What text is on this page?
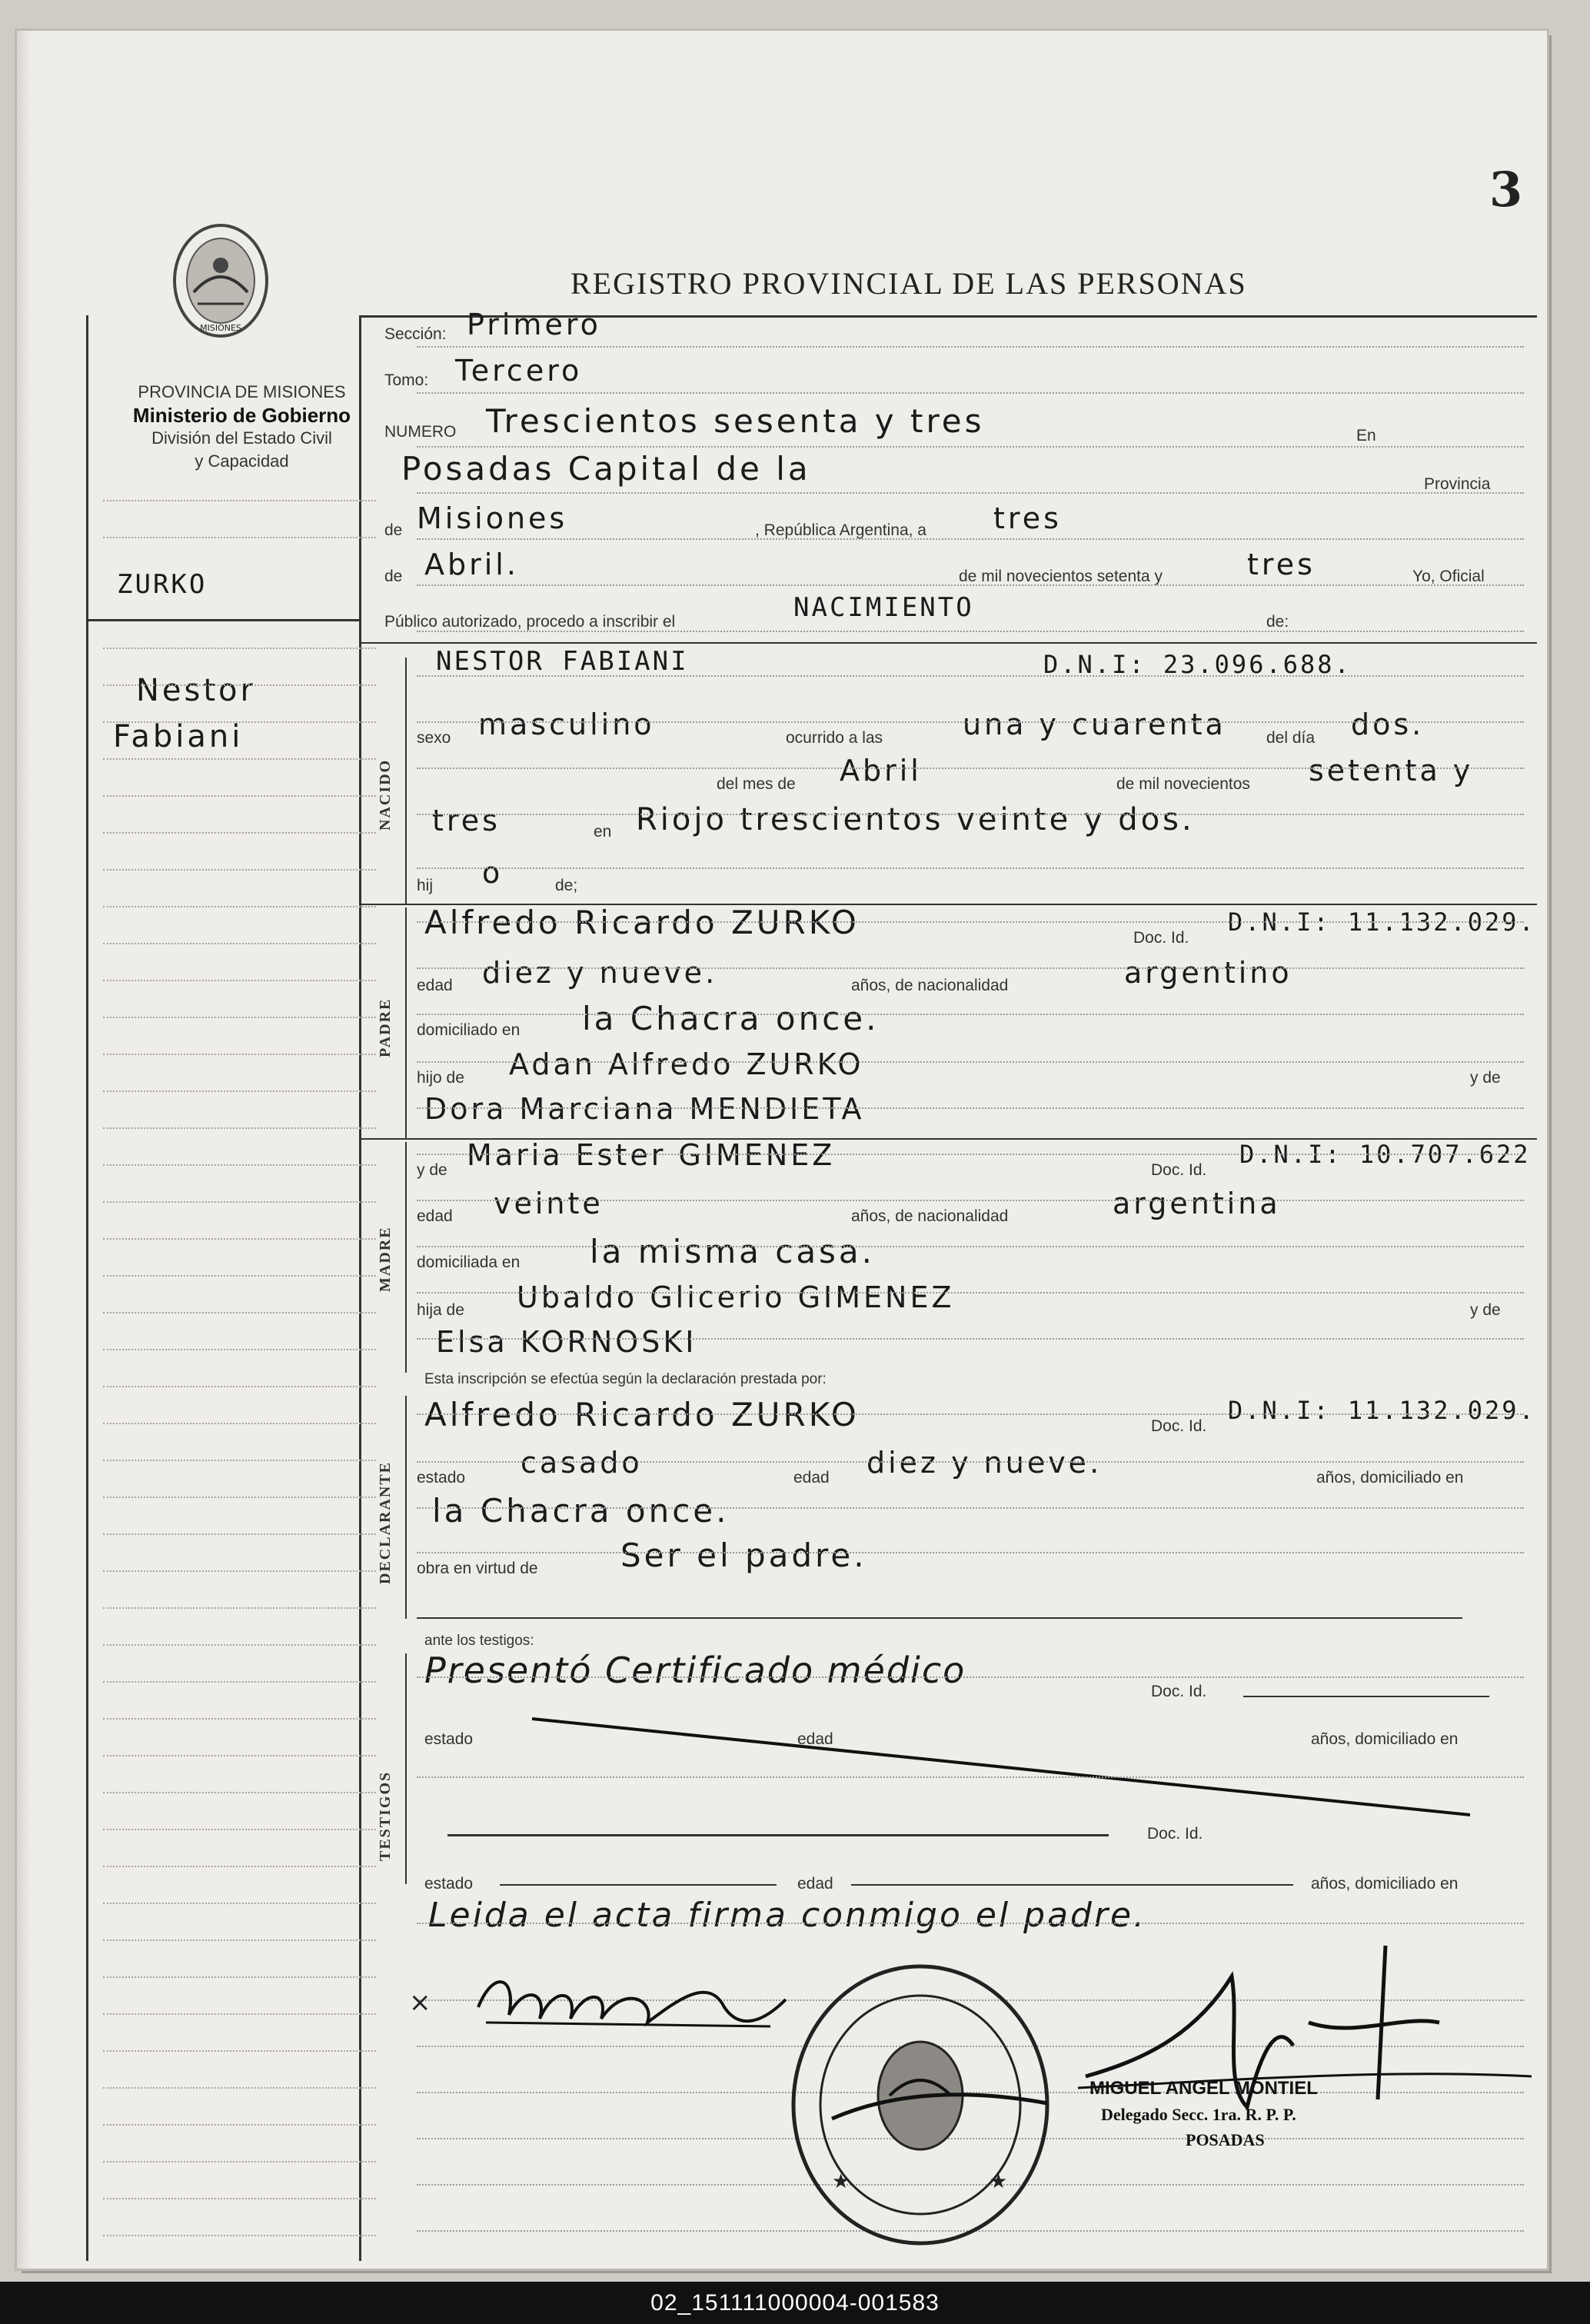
3
REGISTRO PROVINCIAL DE LAS PERSONAS
MISIONES
PROVINCIA DE MISIONES
Ministerio de Gobierno
División del Estado Civil
y Capacidad
ZURKO
Nestor
Fabiani
Sección: Primero
Tomo: Tercero
NUMERO Trescientos sesenta y tres	En
Posadas Capital de la	Provincia
de Misiones	, República Argentina, a tres
de Abril.	de mil novecientos setenta y	tres	Yo, Oficial
Público autorizado, procedo a inscribir el	NACIMIENTO	de:
NACIDO
NESTOR FABIANI	D.N.I: 23.096.688.
sexo masculino	ocurrido a las	una y cuarenta del día dos.
del mes de Abril	de mil novecientos setenta y
tres	en Riojo trescientos veinte y dos.
hij o	de;
PADRE
Alfredo Ricardo ZURKO	Doc. Id.
D.N.I: 11.132.029.
edad diez y nueve.	años, de nacionalidad	argentino
domiciliado en la Chacra once.
hijo de Adan Alfredo ZURKO	y de
Dora Marciana MENDIETA
MADRE
y de Maria Ester GIMENEZ	Doc. Id.
D.N.I: 10.707.622
edad veinte	años, de nacionalidad	argentina
domiciliada en la misma casa.
hija de Ubaldo Glicerio GIMENEZ	y de
Elsa KORNOSKI
Esta inscripción se efectúa según la declaración prestada por:
DECLARANTE
Alfredo Ricardo ZURKO	Doc. Id.
D.N.I: 11.132.029.
estado casado	edad diez y nueve.	años, domiciliado en
la Chacra once.
obra en virtud de	Ser el padre.
ante los testigos:
TESTIGOS
Presentó Certificado médico
Doc. Id.
estado	edad	años, domiciliado en
Doc. Id.
estado	edad	años, domiciliado en
Leida el acta firma conmigo el padre.
×
★	★
MIGUEL ANGEL MONTIEL
Delegado Secc. 1ra. R. P. P.
POSADAS
02_151111000004-001583
